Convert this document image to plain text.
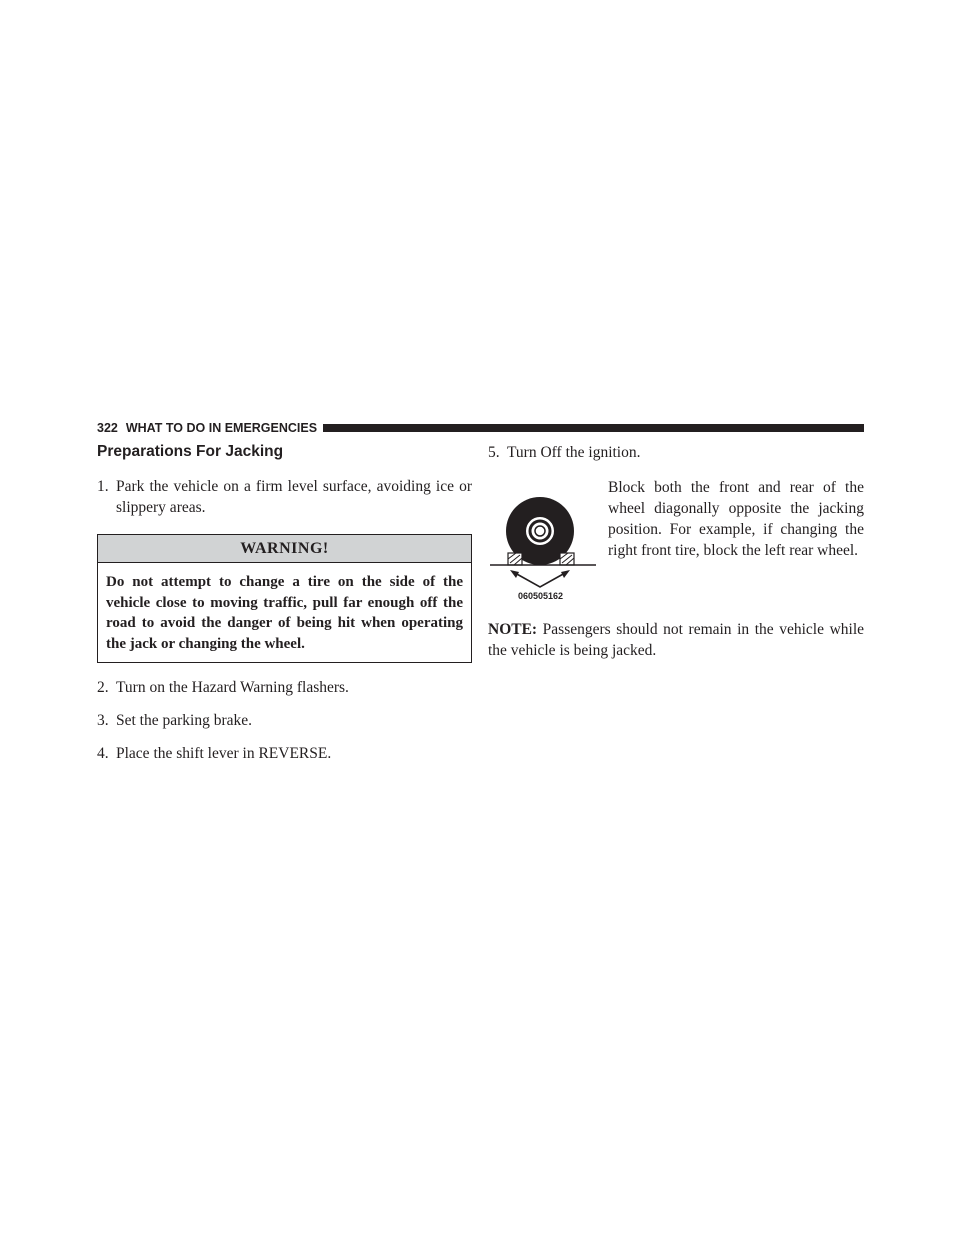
322 WHAT TO DO IN EMERGENCIES
Preparations For Jacking

1. Park the vehicle on a firm level surface, avoiding ice or slippery areas.

WARNING!
Do not attempt to change a tire on the side of the vehicle close to moving traffic, pull far enough off the road to avoid the danger of being hit when operating the jack or changing the wheel.

2. Turn on the Hazard Warning flashers.

3. Set the parking brake.

4. Place the shift lever in REVERSE.

5. Turn Off the ignition.

060505162
Block both the front and rear of the wheel diagonally opposite the jacking position. For example, if changing the right front tire, block the left rear wheel.

NOTE: Passengers should not remain in the vehicle while the vehicle is being jacked.
